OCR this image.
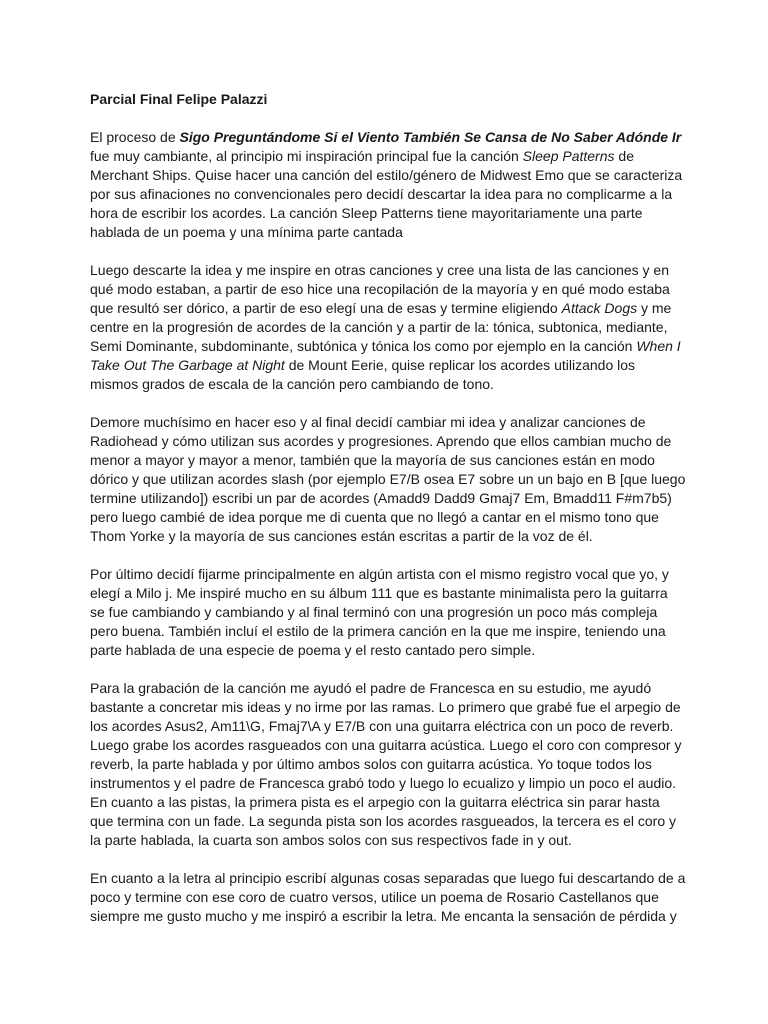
Parcial Final Felipe Palazzi
El proceso de Sigo Preguntándome Si el Viento También Se Cansa de No Saber Adónde Ir
fue muy cambiante, al principio mi inspiración principal fue la canción Sleep Patterns de
Merchant Ships. Quise hacer una canción del estilo/género de Midwest Emo que se caracteriza
por sus afinaciones no convencionales pero decidí descartar la idea para no complicarme a la
hora de escribir los acordes. La canción Sleep Patterns tiene mayoritariamente una parte
hablada de un poema y una mínima parte cantada
Luego descarte la idea y me inspire en otras canciones y cree una lista de las canciones y en
qué modo estaban, a partir de eso hice una recopilación de la mayoría y en qué modo estaba
que resultó ser dórico, a partir de eso elegí una de esas y termine eligiendo Attack Dogs y me
centre en la progresión de acordes de la canción y a partir de la: tónica, subtonica, mediante,
Semi Dominante, subdominante, subtónica y tónica los como por ejemplo en la canción When I
Take Out The Garbage at Night de Mount Eerie, quise replicar los acordes utilizando los
mismos grados de escala de la canción pero cambiando de tono.
Demore muchísimo en hacer eso y al final decidí cambiar mi idea y analizar canciones de
Radiohead y cómo utilizan sus acordes y progresiones. Aprendo que ellos cambian mucho de
menor a mayor y mayor a menor, también que la mayoría de sus canciones están en modo
dórico y que utilizan acordes slash (por ejemplo E7/B osea E7 sobre un un bajo en B [que luego
termine utilizando]) escribi un par de acordes (Amadd9 Dadd9 Gmaj7 Em, Bmadd11 F#m7b5)
pero luego cambié de idea porque me di cuenta que no llegó a cantar en el mismo tono que
Thom Yorke y la mayoría de sus canciones están escritas a partir de la voz de él.
Por último decidí fijarme principalmente en algún artista con el mismo registro vocal que yo, y
elegí a Milo j. Me inspiré mucho en su álbum 111 que es bastante minimalista pero la guitarra
se fue cambiando y cambiando y al final terminó con una progresión un poco más compleja
pero buena. También incluí el estilo de la primera canción en la que me inspire, teniendo una
parte hablada de una especie de poema y el resto cantado pero simple.
Para la grabación de la canción me ayudó el padre de Francesca en su estudio, me ayudó
bastante a concretar mis ideas y no irme por las ramas. Lo primero que grabé fue el arpegio de
los acordes Asus2, Am11\G, Fmaj7\A y E7/B con una guitarra eléctrica con un poco de reverb.
Luego grabe los acordes rasgueados con una guitarra acústica. Luego el coro con compresor y
reverb, la parte hablada y por último ambos solos con guitarra acústica. Yo toque todos los
instrumentos y el padre de Francesca grabó todo y luego lo ecualizo y limpio un poco el audio.
En cuanto a las pistas, la primera pista es el arpegio con la guitarra eléctrica sin parar hasta
que termina con un fade. La segunda pista son los acordes rasgueados, la tercera es el coro y
la parte hablada, la cuarta son ambos solos con sus respectivos fade in y out.
En cuanto a la letra al principio escribí algunas cosas separadas que luego fui descartando de a
poco y termine con ese coro de cuatro versos, utilice un poema de Rosario Castellanos que
siempre me gusto mucho y me inspiró a escribir la letra. Me encanta la sensación de pérdida y
